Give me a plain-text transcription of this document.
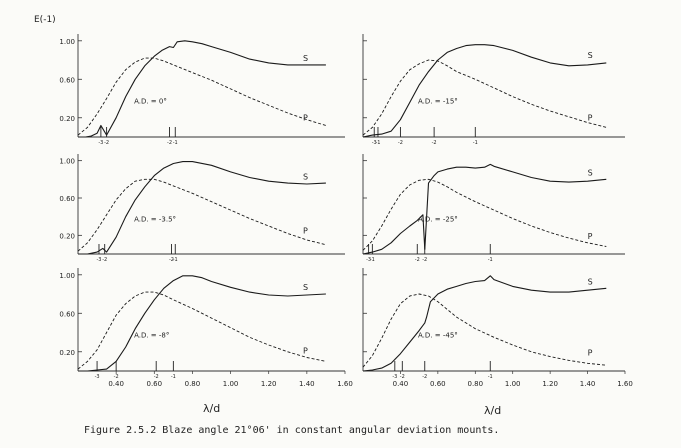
E(-1)
1.00
0.60
0.20
-3 -2	-2 -1
S
P
A.D. = 0°
-3
-1	-2	-2	-1
S
P
A.D. = -15°
1.00
0.60
0.20
-3 -2	-2
-1
S
P
A.D. = -3.5°
-3
-1	-2 -2	-1
S
P
A.D. = -25°
1.00
0.60
0.20
0.40	0.60	0.80	1.00	1.20	1.40	1.60
-3	-2	-2 -1
S
P
A.D. = -8°
0.40	0.60	0.80	1.00	1.20	1.40	1.60
-3 -2	-2	-1
S
P
A.D. = -45°
λ/d	λ/d
Figure 2.5.2 Blaze angle 21°06' in constant angular deviation mounts.
